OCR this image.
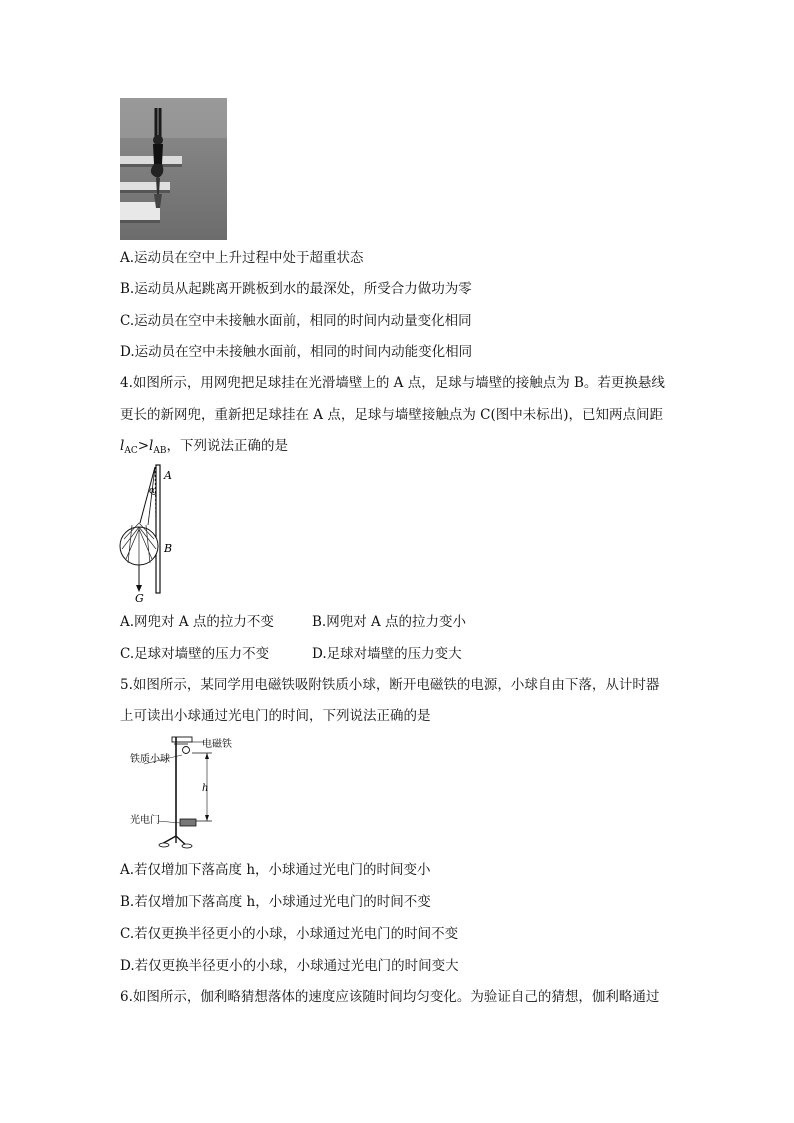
A.运动员在空中上升过程中处于超重状态
B.运动员从起跳离开跳板到水的最深处，所受合力做功为零
C.运动员在空中未接触水面前，相同的时间内动量变化相同
D.运动员在空中未接触水面前，相同的时间内动能变化相同
4.如图所示，用网兜把足球挂在光滑墙壁上的 A 点，足球与墙壁的接触点为 B。若更换悬线
更长的新网兜，重新把足球挂在 A 点，足球与墙壁接触点为 C(图中未标出)，已知两点间距
$l_{AC}>l_{AB}$，下列说法正确的是
A
α
B
G
A.网兜对 A 点的拉力不变	B.网兜对 A 点的拉力变小
C.足球对墙壁的压力不变	D.足球对墙壁的压力变大
5.如图所示，某同学用电磁铁吸附铁质小球，断开电磁铁的电源，小球自由下落，从计时器
上可读出小球通过光电门的时间，下列说法正确的是
电磁铁
铁质小球
h
光电门
A.若仅增加下落高度 h，小球通过光电门的时间变小
B.若仅增加下落高度 h，小球通过光电门的时间不变
C.若仅更换半径更小的小球，小球通过光电门的时间不变
D.若仅更换半径更小的小球，小球通过光电门的时间变大
6.如图所示，伽利略猜想落体的速度应该随时间均匀变化。为验证自己的猜想，伽利略通过
